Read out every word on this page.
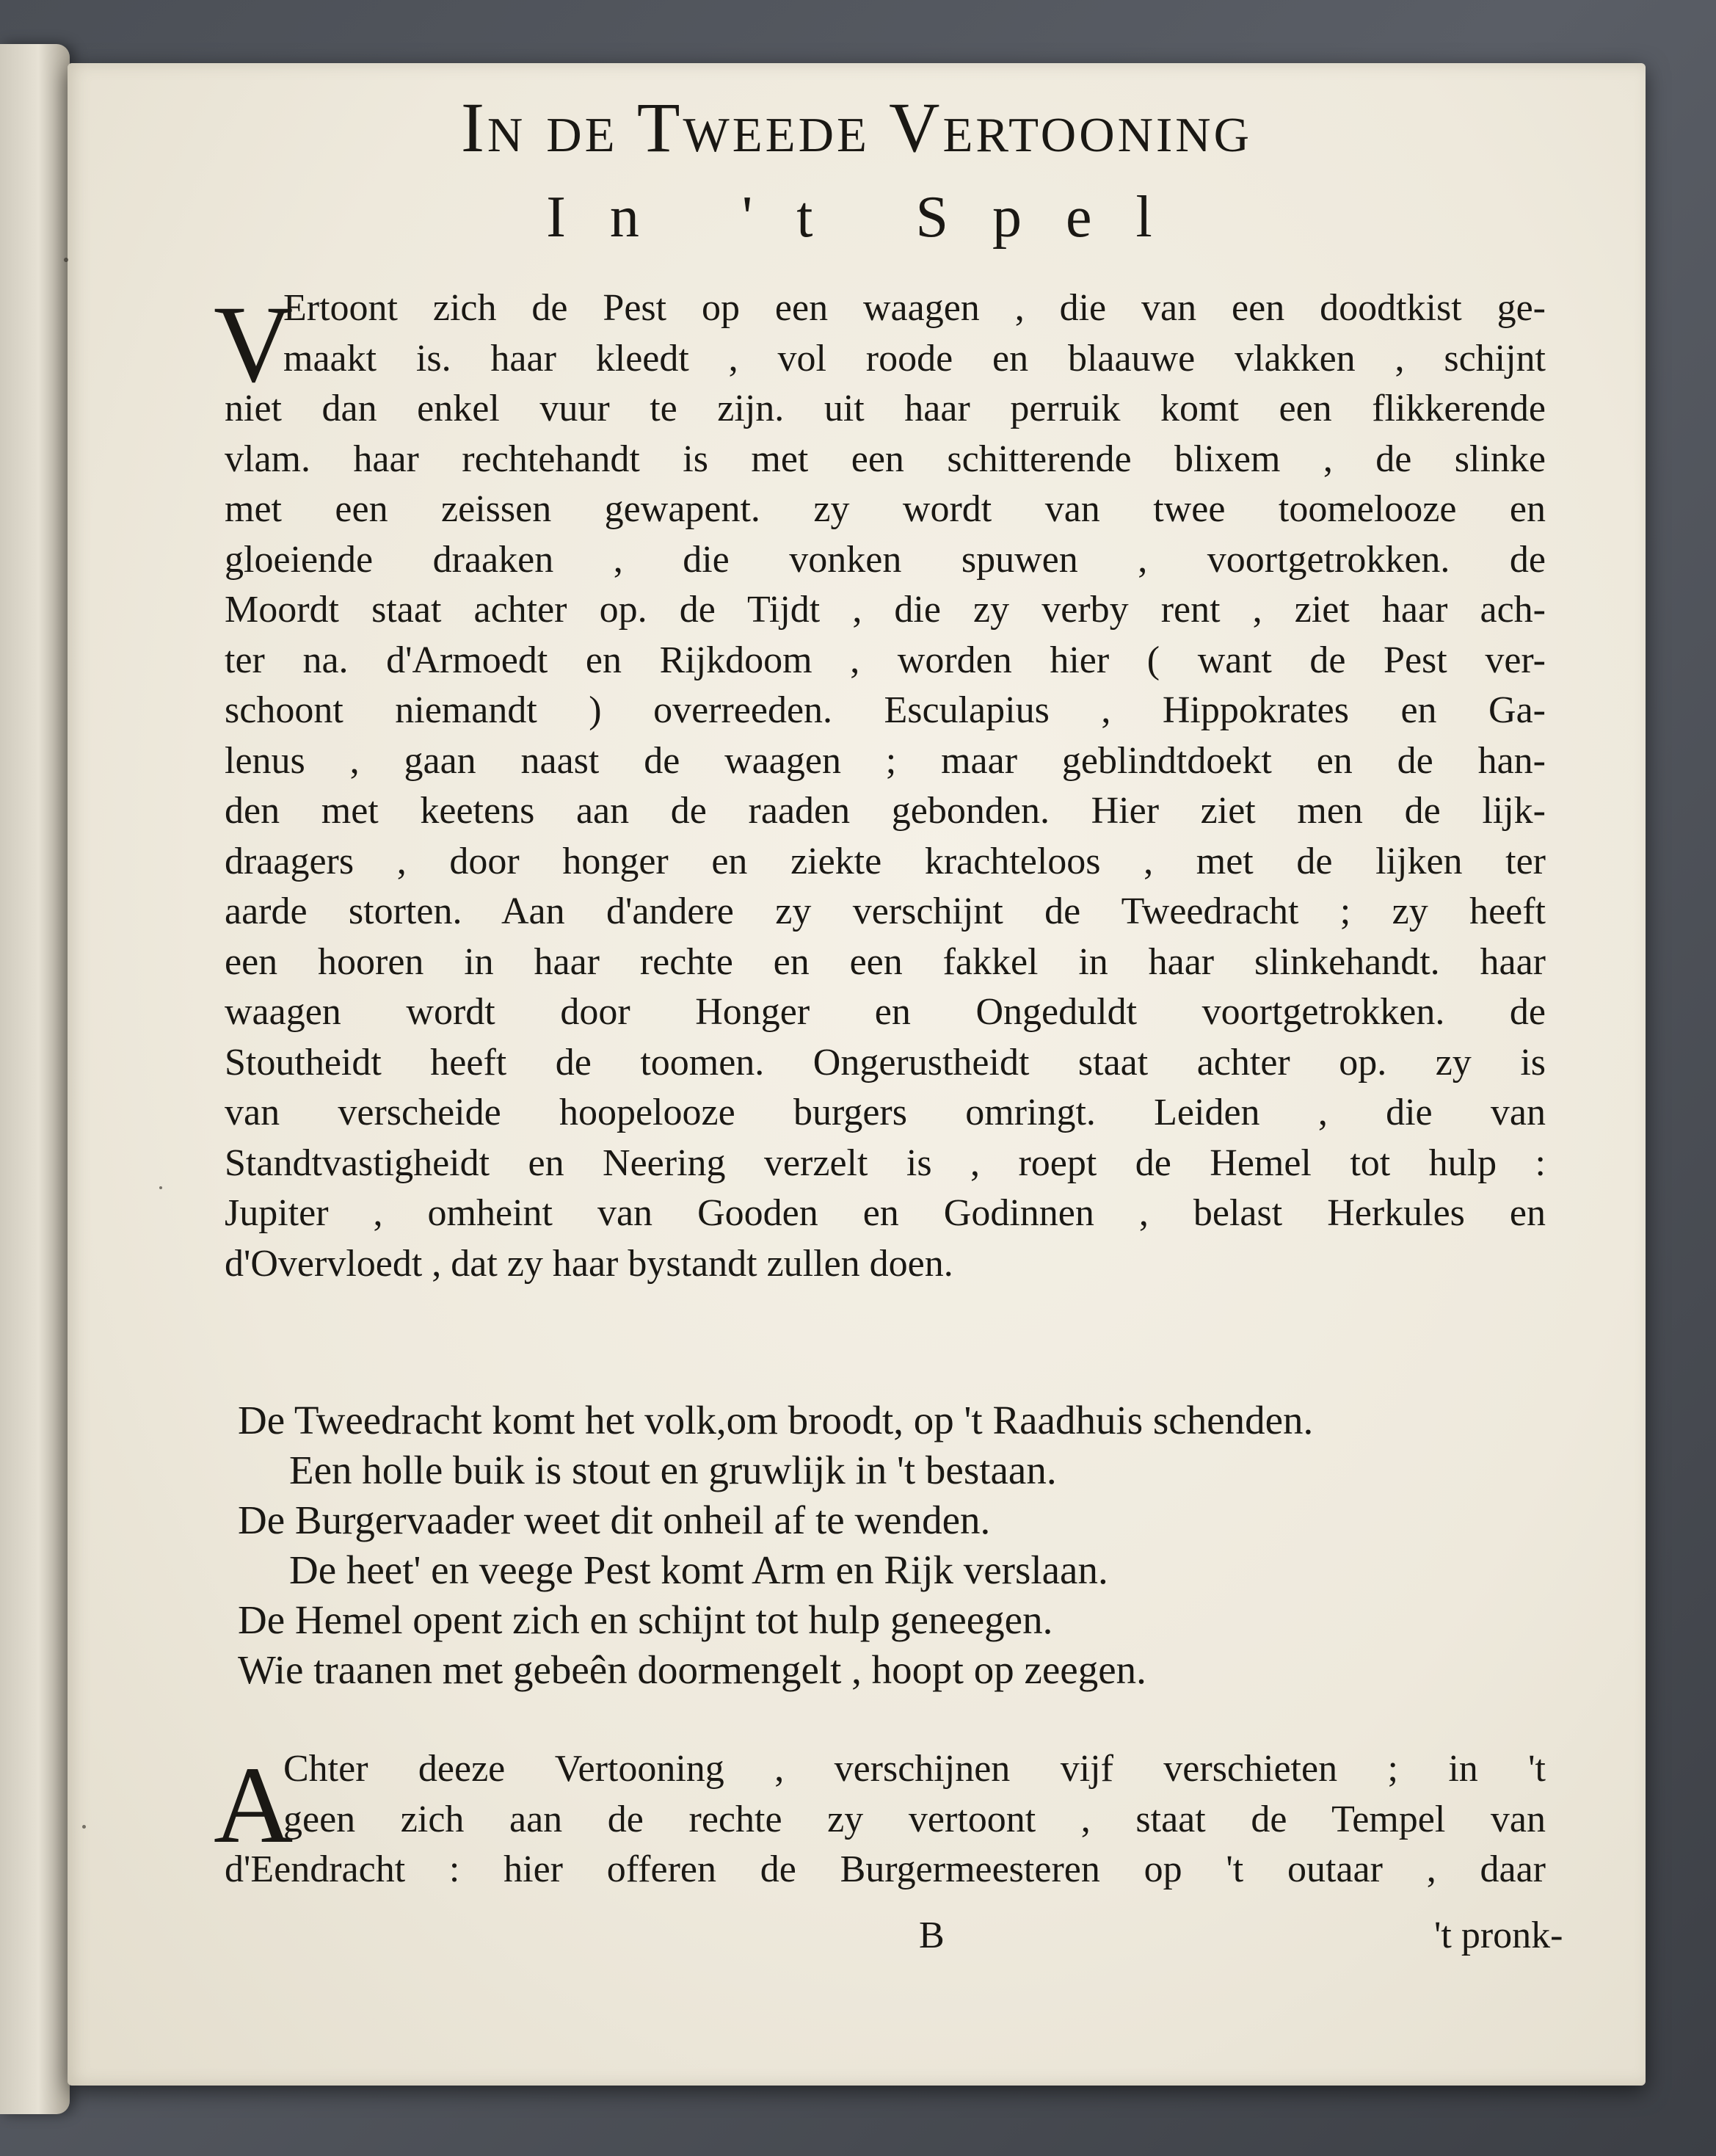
In de Tweede Vertooning
In 't Spel
V
Ertoont zich de Pest op een waagen , die van een doodtkist ge-
maakt is. haar kleedt , vol roode en blaauwe vlakken , schijnt
niet dan enkel vuur te zijn. uit haar perruik komt een flikkerende
vlam. haar rechtehandt is met een schitterende blixem , de slinke
met een zeissen gewapent. zy wordt van twee toomelooze en
gloeiende draaken , die vonken spuwen , voortgetrokken. de
Moordt staat achter op. de Tijdt , die zy verby rent , ziet haar ach-
ter na. d'Armoedt en Rijkdoom , worden hier ( want de Pest ver-
schoont niemandt ) overreeden. Esculapius , Hippokrates en Ga-
lenus , gaan naast de waagen ; maar geblindtdoekt en de han-
den met keetens aan de raaden gebonden. Hier ziet men de lijk-
draagers , door honger en ziekte krachteloos , met de lijken ter
aarde storten. Aan d'andere zy verschijnt de Tweedracht ; zy heeft
een hooren in haar rechte en een fakkel in haar slinkehandt. haar
waagen wordt door Honger en Ongeduldt voortgetrokken. de
Stoutheidt heeft de toomen. Ongerustheidt staat achter op. zy is
van verscheide hoopelooze burgers omringt. Leiden , die van
Standtvastigheidt en Neering verzelt is , roept de Hemel tot hulp :
Jupiter , omheint van Gooden en Godinnen , belast Herkules en
d'Overvloedt , dat zy haar bystandt zullen doen.
De Tweedracht komt het volk,om broodt, op 't Raadhuis schenden.
Een holle buik is stout en gruwlijk in 't bestaan.
De Burgervaader weet dit onheil af te wenden.
De heet' en veege Pest komt Arm en Rijk verslaan.
De Hemel opent zich en schijnt tot hulp geneegen.
Wie traanen met gebeên doormengelt , hoopt op zeegen.
A
Chter deeze Vertooning , verschijnen vijf verschieten ; in 't
geen zich aan de rechte zy vertoont , staat de Tempel van
d'Eendracht : hier offeren de Burgermeesteren op 't outaar , daar
B	't pronk-
